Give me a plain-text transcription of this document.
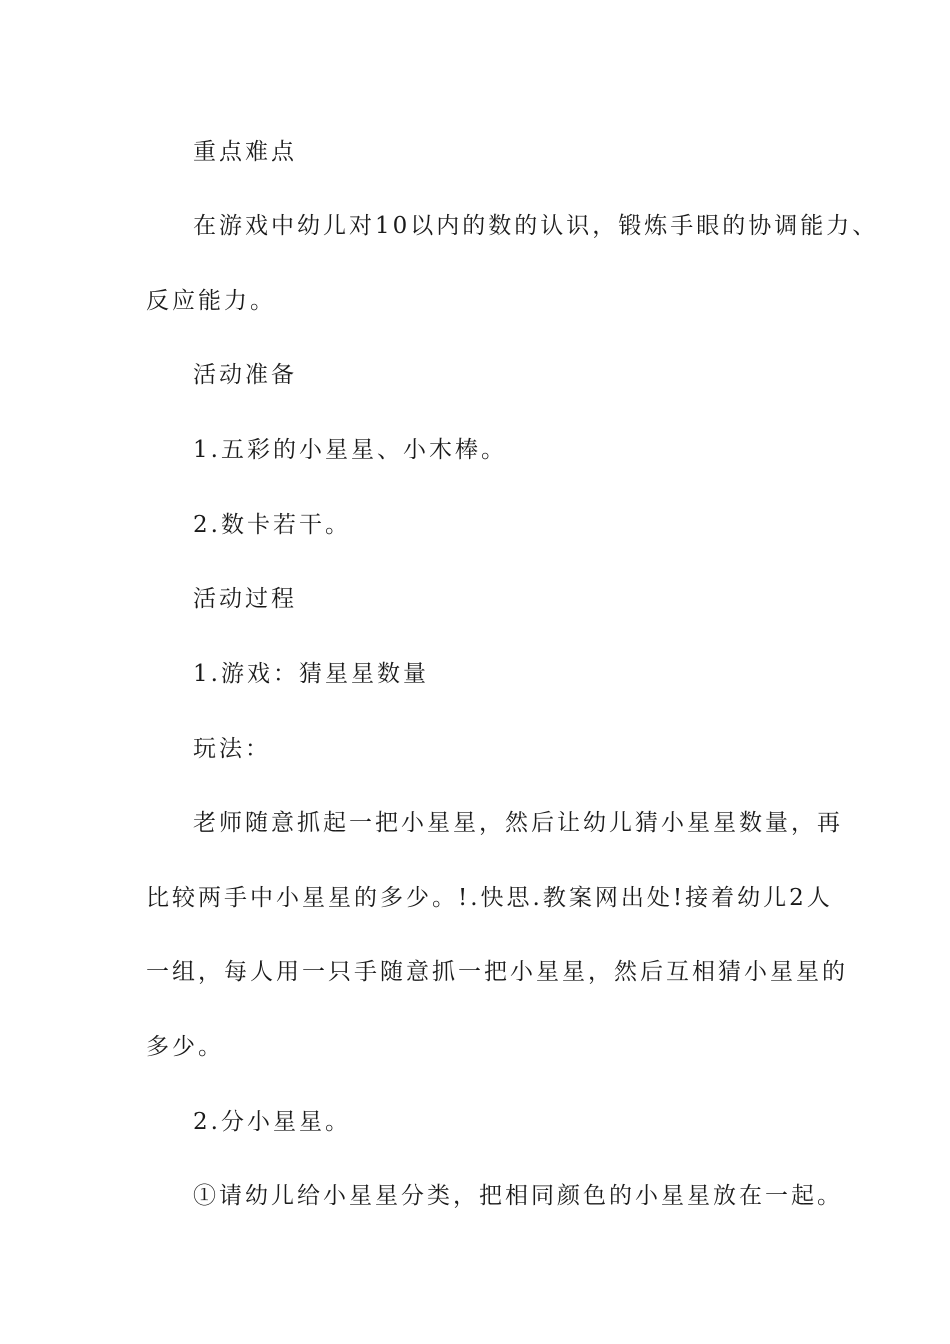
重点难点
在游戏中幼儿对10以内的数的认识，锻炼手眼的协调能力、
反应能力。
活动准备
1.五彩的小星星、小木棒。
2.数卡若干。
活动过程
1.游戏：猜星星数量
玩法：
老师随意抓起一把小星星，然后让幼儿猜小星星数量，再
比较两手中小星星的多少。!.快思.教案网出处!接着幼儿2人
一组，每人用一只手随意抓一把小星星，然后互相猜小星星的
多少。
2.分小星星。
①请幼儿给小星星分类，把相同颜色的小星星放在一起。
